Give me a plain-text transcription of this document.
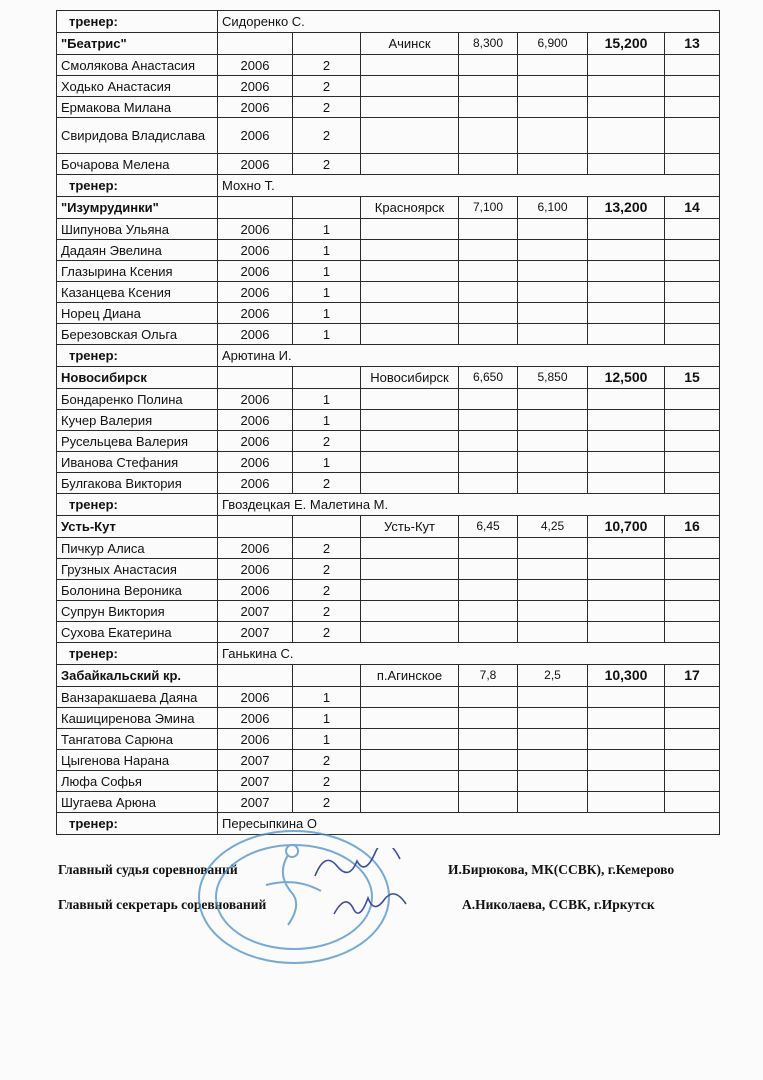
тренер:	Сидоренко С.						
"Беатрис"			Ачинск	8,300	6,900	15,200	13
Смолякова Анастасия	2006	2					
Ходько Анастасия	2006	2					
Ермакова Милана	2006	2					
Свиридова Владислава	2006	2					
Бочарова Мелена	2006	2					
тренер:	Мохно Т.						
"Изумрудинки"			Красноярск	7,100	6,100	13,200	14
Шипунова Ульяна	2006	1					
Дадаян Эвелина	2006	1					
Глазырина Ксения	2006	1					
Казанцева Ксения	2006	1					
Норец Диана	2006	1					
Березовская Ольга	2006	1					
тренер:	Арютина И.						
Новосибирск			Новосибирск	6,650	5,850	12,500	15
Бондаренко Полина	2006	1					
Кучер Валерия	2006	1					
Русельцева Валерия	2006	2					
Иванова Стефания	2006	1					
Булгакова Виктория	2006	2					
тренер:	Гвоздецкая Е. Малетина М.						
Усть-Кут			Усть-Кут	6,45	4,25	10,700	16
Пичкур Алиса	2006	2					
Грузных Анастасия	2006	2					
Болонина Вероника	2006	2					
Супрун Виктория	2007	2					
Сухова Екатерина	2007	2					
тренер:	Ганькина С.						
Забайкальский кр.			п.Агинское	7,8	2,5	10,300	17
Ванзаракшаева Даяна	2006	1					
Кашициренова Эмина	2006	1					
Тангатова Сарюна	2006	1					
Цыгенова Нарана	2007	2					
Люфа Софья	2007	2					
Шугаева Арюна	2007	2					
тренер:	Пересыпкина О						
Главный судья соревнований	И.Бирюкова, МК(ССВК), г.Кемерово
Главный секретарь соревнований	А.Николаева, ССВК, г.Иркутск
